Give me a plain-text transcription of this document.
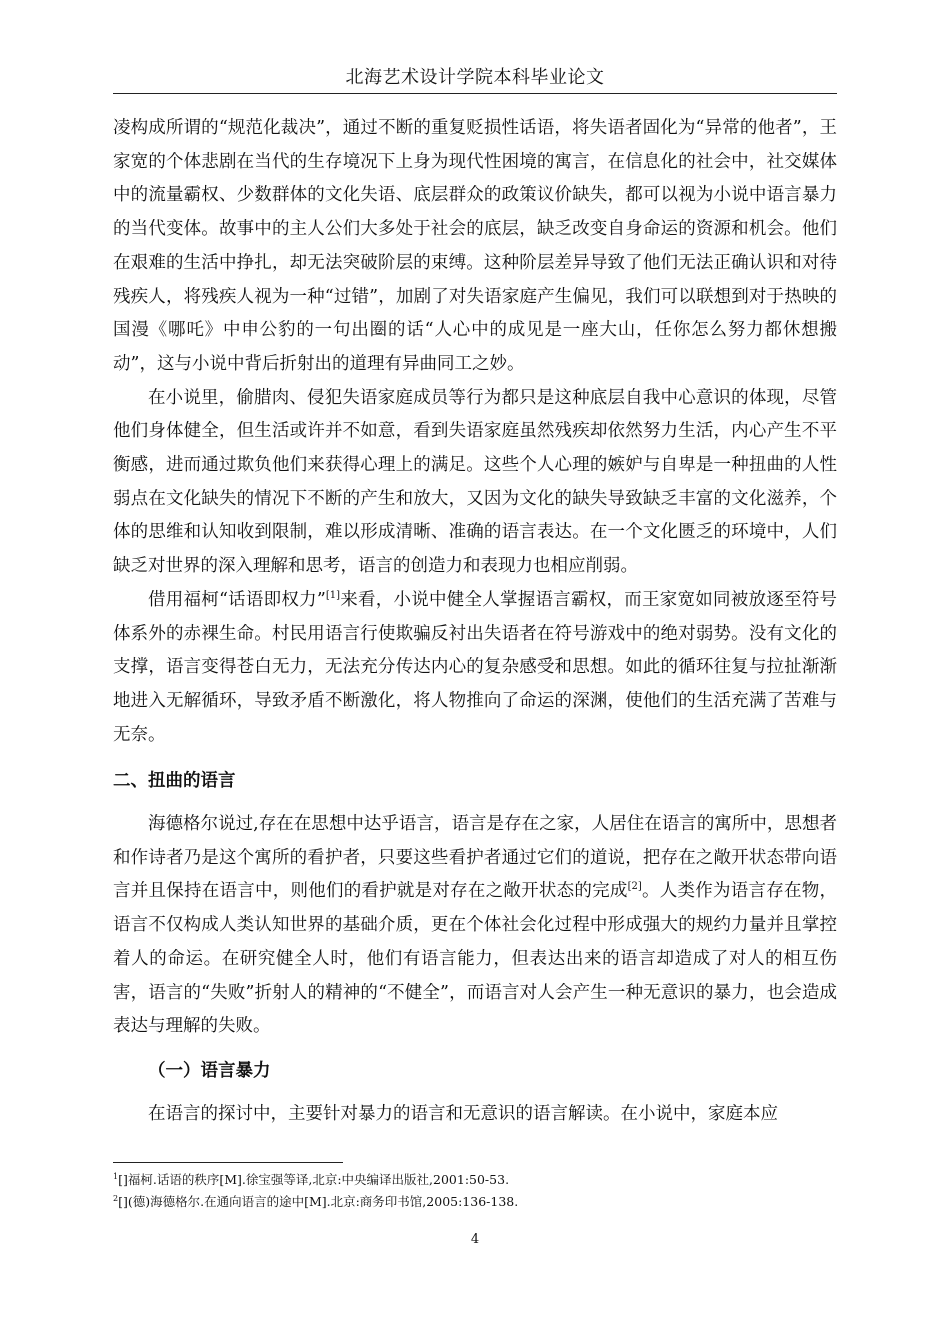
北海艺术设计学院本科毕业论文

凌构成所谓的“规范化裁决”，通过不断的重复贬损性话语，将失语者固化为“异常的他者”，王家宽的个体悲剧在当代的生存境况下上身为现代性困境的寓言，在信息化的社会中，社交媒体中的流量霸权、少数群体的文化失语、底层群众的政策议价缺失，都可以视为小说中语言暴力的当代变体。故事中的主人公们大多处于社会的底层，缺乏改变自身命运的资源和机会。他们在艰难的生活中挣扎，却无法突破阶层的束缚。这种阶层差异导致了他们无法正确认识和对待残疾人，将残疾人视为一种“过错”，加剧了对失语家庭产生偏见，我们可以联想到对于热映的国漫《哪吒》中申公豹的一句出圈的话“人心中的成见是一座大山，任你怎么努力都休想搬动”，这与小说中背后折射出的道理有异曲同工之妙。

在小说里，偷腊肉、侵犯失语家庭成员等行为都只是这种底层自我中心意识的体现，尽管他们身体健全，但生活或许并不如意，看到失语家庭虽然残疾却依然努力生活，内心产生不平衡感，进而通过欺负他们来获得心理上的满足。这些个人心理的嫉妒与自卑是一种扭曲的人性弱点在文化缺失的情况下不断的产生和放大，又因为文化的缺失导致缺乏丰富的文化滋养，个体的思维和认知收到限制，难以形成清晰、准确的语言表达。在一个文化匮乏的环境中，人们缺乏对世界的深入理解和思考，语言的创造力和表现力也相应削弱。

借用福柯“话语即权力”[1]来看，小说中健全人掌握语言霸权，而王家宽如同被放逐至符号体系外的赤裸生命。村民用语言行使欺骗反衬出失语者在符号游戏中的绝对弱势。没有文化的支撑，语言变得苍白无力，无法充分传达内心的复杂感受和思想。如此的循环往复与拉扯渐渐地进入无解循环，导致矛盾不断激化，将人物推向了命运的深渊，使他们的生活充满了苦难与无奈。

二、扭曲的语言

海德格尔说过,存在在思想中达乎语言，语言是存在之家，人居住在语言的寓所中，思想者和作诗者乃是这个寓所的看护者，只要这些看护者通过它们的道说，把存在之敞开状态带向语言并且保持在语言中，则他们的看护就是对存在之敞开状态的完成[2]。人类作为语言存在物，语言不仅构成人类认知世界的基础介质，更在个体社会化过程中形成强大的规约力量并且掌控着人的命运。在研究健全人时，他们有语言能力，但表达出来的语言却造成了对人的相互伤害，语言的“失败”折射人的精神的“不健全”，而语言对人会产生一种无意识的暴力，也会造成表达与理解的失败。

（一）语言暴力

在语言的探讨中，主要针对暴力的语言和无意识的语言解读。在小说中，家庭本应

$^1$[]福柯.话语的秩序[M].徐宝强等译,北京:中央编译出版社,2001:50-53.
$^2$[](德)海德格尔.在通向语言的途中[M].北京:商务印书馆,2005:136-138.
4
